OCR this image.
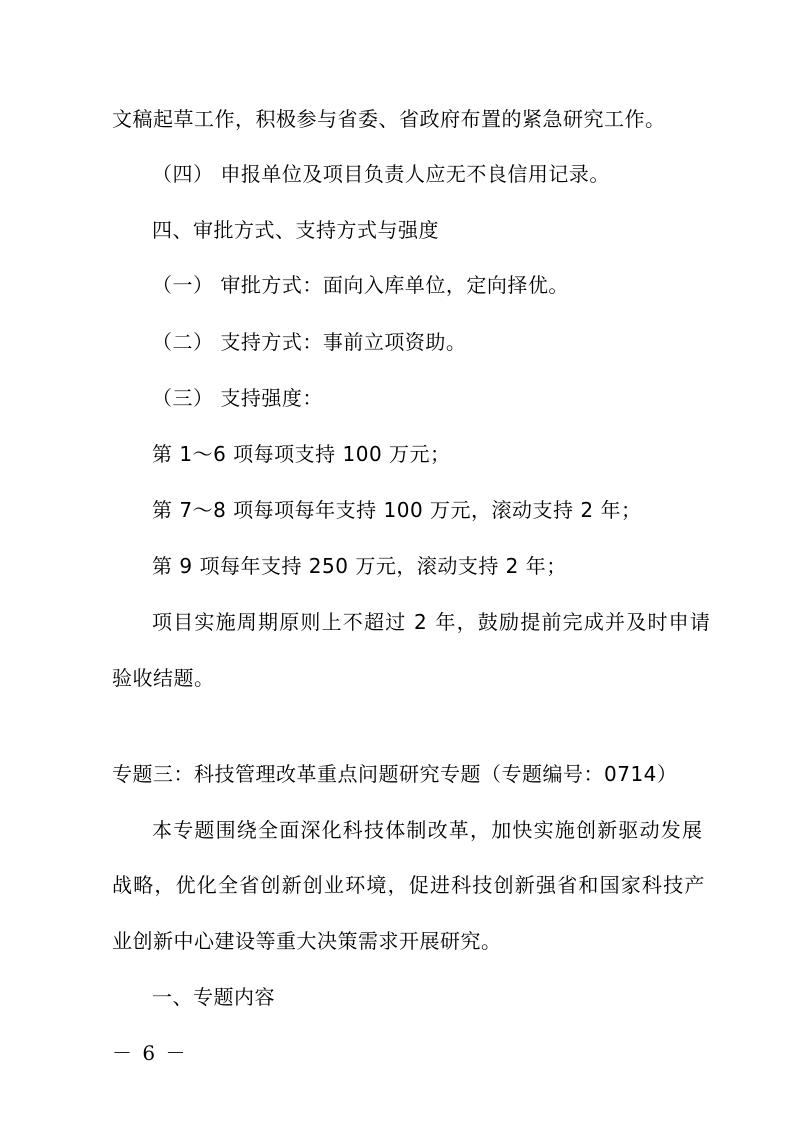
文稿起草工作，积极参与省委、省政府布置的紧急研究工作。
（四） 申报单位及项目负责人应无不良信用记录。
四、审批方式、支持方式与强度
（一） 审批方式：面向入库单位，定向择优。
（二） 支持方式：事前立项资助。
（三） 支持强度：
第 1～6 项每项支持 100 万元；
第 7～8 项每项每年支持 100 万元，滚动支持 2 年；
第 9 项每年支持 250 万元，滚动支持 2 年；
项目实施周期原则上不超过 2 年，鼓励提前完成并及时申请
验收结题。
专题三：科技管理改革重点问题研究专题（专题编号：0714）
本专题围绕全面深化科技体制改革，加快实施创新驱动发展
战略，优化全省创新创业环境，促进科技创新强省和国家科技产
业创新中心建设等重大决策需求开展研究。
一、专题内容
－ 6 －
